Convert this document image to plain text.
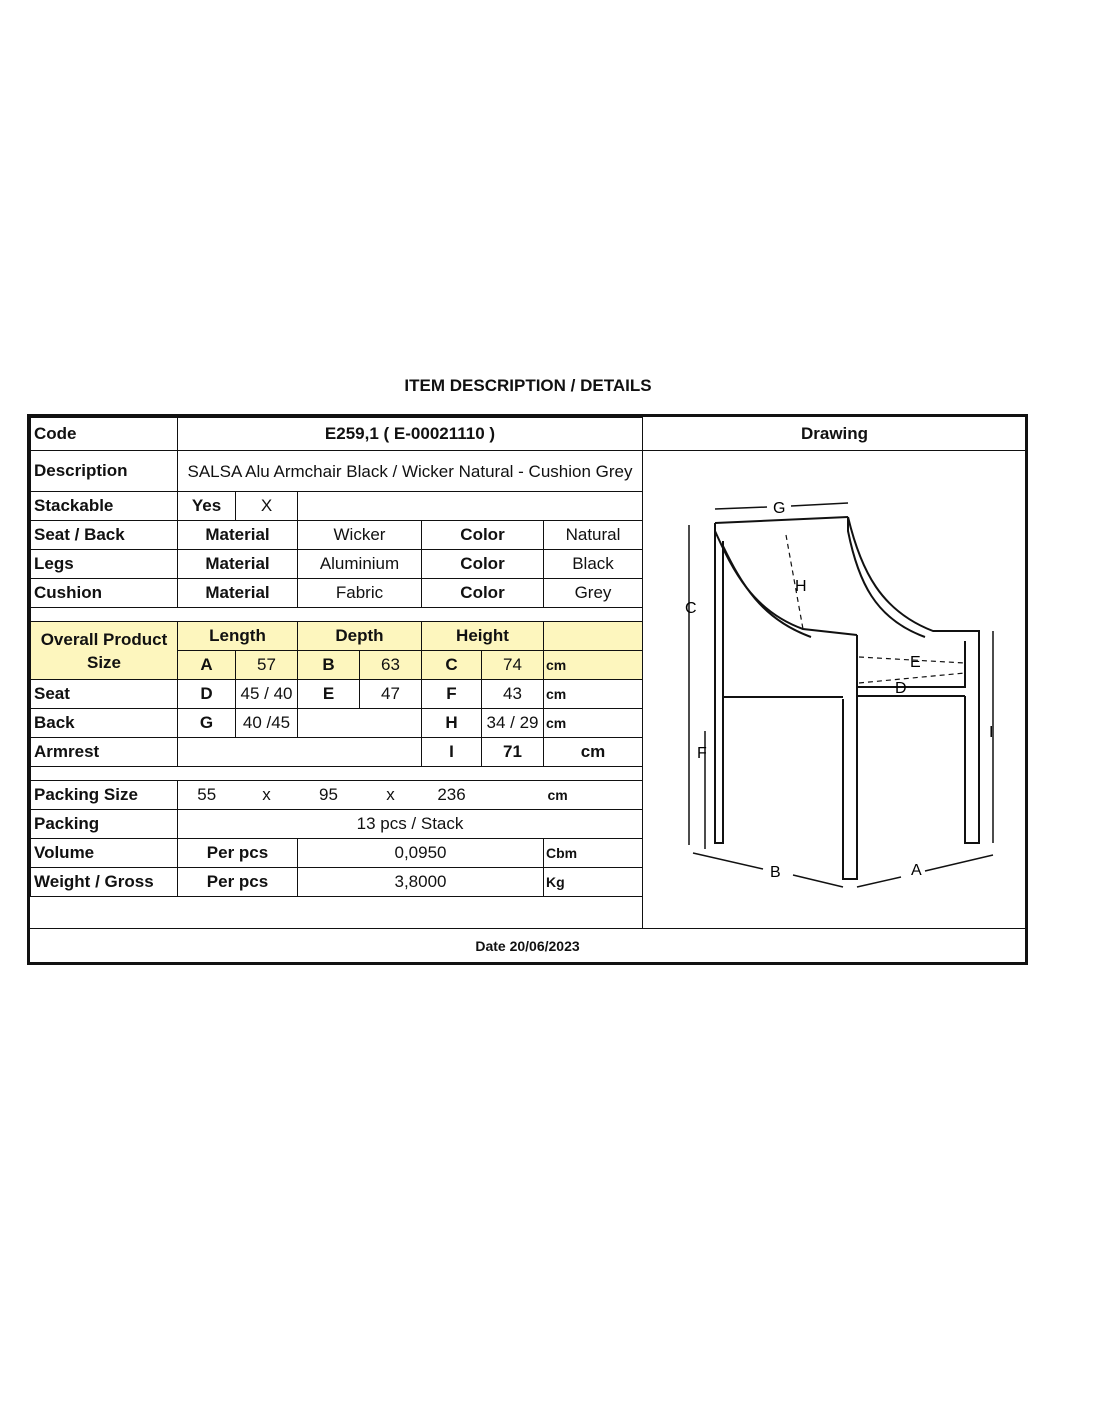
ITEM DESCRIPTION / DETAILS
Code	E259,1 ( E-00021110 )						
Description	SALSA Alu Armchair Black / Wicker Natural - Cushion Grey						
Stackable	Yes	X					
Seat / Back	Material		Wicker		Color		Natural
Legs	Material		Aluminium		Color		Black
Cushion	Material		Fabric		Color		Grey

Overall Product Size	Length		Depth		Height		
	A	57	B	63	C	74	cm
Seat	D	45 / 40	E	47	F	43	cm
Back	G	40 /45			H	34 / 29	cm
Armrest					I	71	cm

Packing Size	55	x	95	x	236		cm
Packing	13 pcs / Stack						
Volume	Per pcs		0,0950				Cbm
Weight / Gross	Per pcs		3,8000				Kg
Drawing
G
H
C
E
D
I
F
B	A
Date 20/06/2023
